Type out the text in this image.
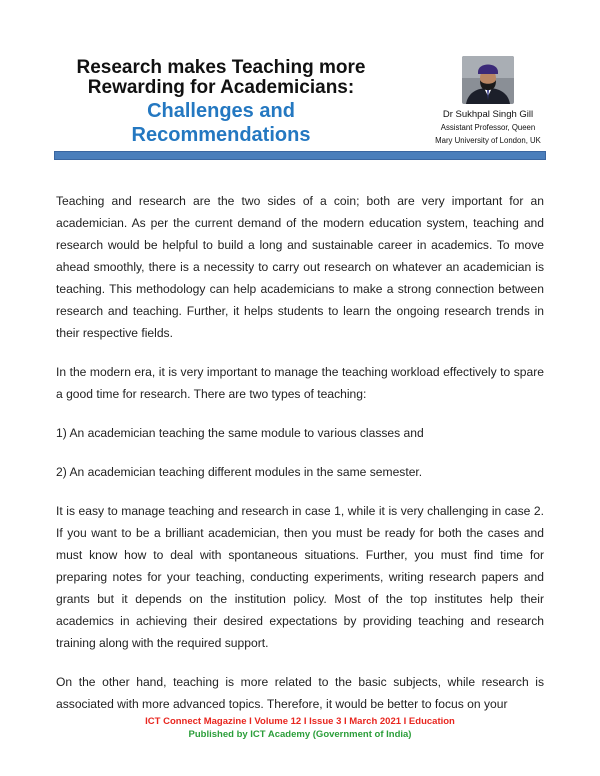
Research makes Teaching more
Rewarding for Academicians:
Challenges and Recommendations
Dr Sukhpal Singh Gill
Assistant Professor, Queen
Mary University of London, UK

Teaching and research are the two sides of a coin; both are very important for an academician. As per the current demand of the modern education system, teaching and research would be helpful to build a long and sustainable career in academics. To move ahead smoothly, there is a necessity to carry out research on whatever an academician is teaching. This methodology can help academicians to make a strong connection between research and teaching. Further, it helps students to learn the ongoing research trends in their respective fields.

In the modern era, it is very important to manage the teaching workload effectively to spare a good time for research. There are two types of teaching:

1) An academician teaching the same module to various classes and

2) An academician teaching different modules in the same semester.

It is easy to manage teaching and research in case 1, while it is very challenging in case 2. If you want to be a brilliant academician, then you must be ready for both the cases and must know how to deal with spontaneous situations. Further, you must find time for preparing notes for your teaching, conducting experiments, writing research papers and grants but it depends on the institution policy. Most of the top institutes help their academics in achieving their desired expectations by providing teaching and research training along with the required support.

On the other hand, teaching is more related to the basic subjects, while research is associated with more advanced topics. Therefore, it would be better to focus on your

ICT Connect Magazine I Volume 12 I Issue 3 I March 2021 I Education
Published by ICT Academy (Government of India)
